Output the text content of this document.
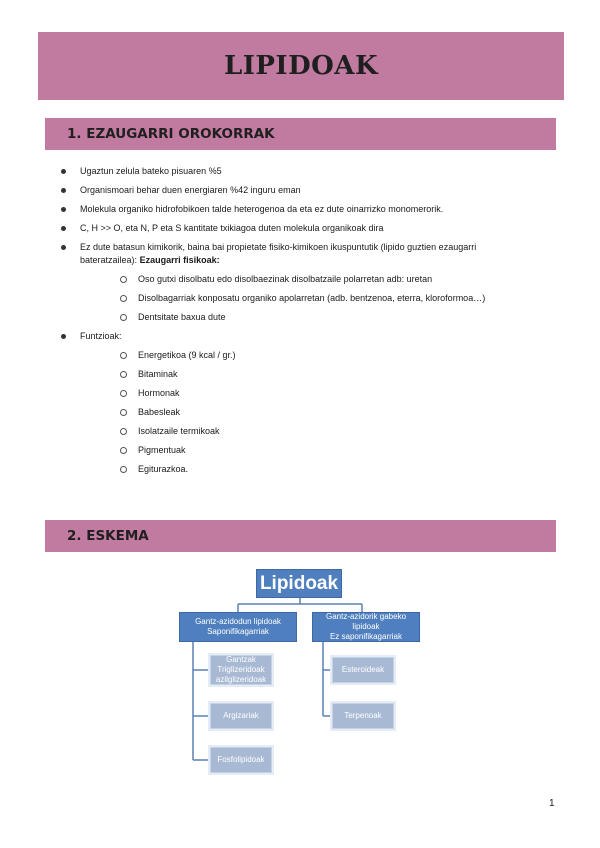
LIPIDOAK
1. EZAUGARRI OROKORRAK
Ugaztun zelula bateko pisuaren %5
Organismoari behar duen energiaren %42 inguru eman
Molekula organiko hidrofobikoen talde heterogenoa da eta ez dute oinarrizko monomerorik.
C, H >> O, eta N, P eta S kantitate txikiagoa duten molekula organikoak dira
Ez dute batasun kimikorik, baina bai propietate fisiko-kimikoen ikuspuntutik (lipido guztien ezaugarri bateratzailea): Ezaugarri fisikoak:
Oso gutxi disolbatu edo disolbaezinak disolbatzaile polarretan adb: uretan
Disolbagarriak konposatu organiko apolarretan (adb. bentzenoa, eterra, kloroformoa…)
Dentsitate baxua dute
Funtzioak:
Energetikoa (9 kcal / gr.)
Bitaminak
Hormonak
Babesleak
Isolatzaile termikoak
Pigmentuak
Egiturazkoa.
2. ESKEMA
Lipidoak
Gantz-azidodun lipidoak
Saponifikagarriak
Gantz-azidorik gabeko
lipidoak
Ez saponifikagarriak
Gantzak
Triglizeridoak
azilglizeridoak
Argizariak
Fosfolipidoak
Esteroideak
Terpenoak
1
